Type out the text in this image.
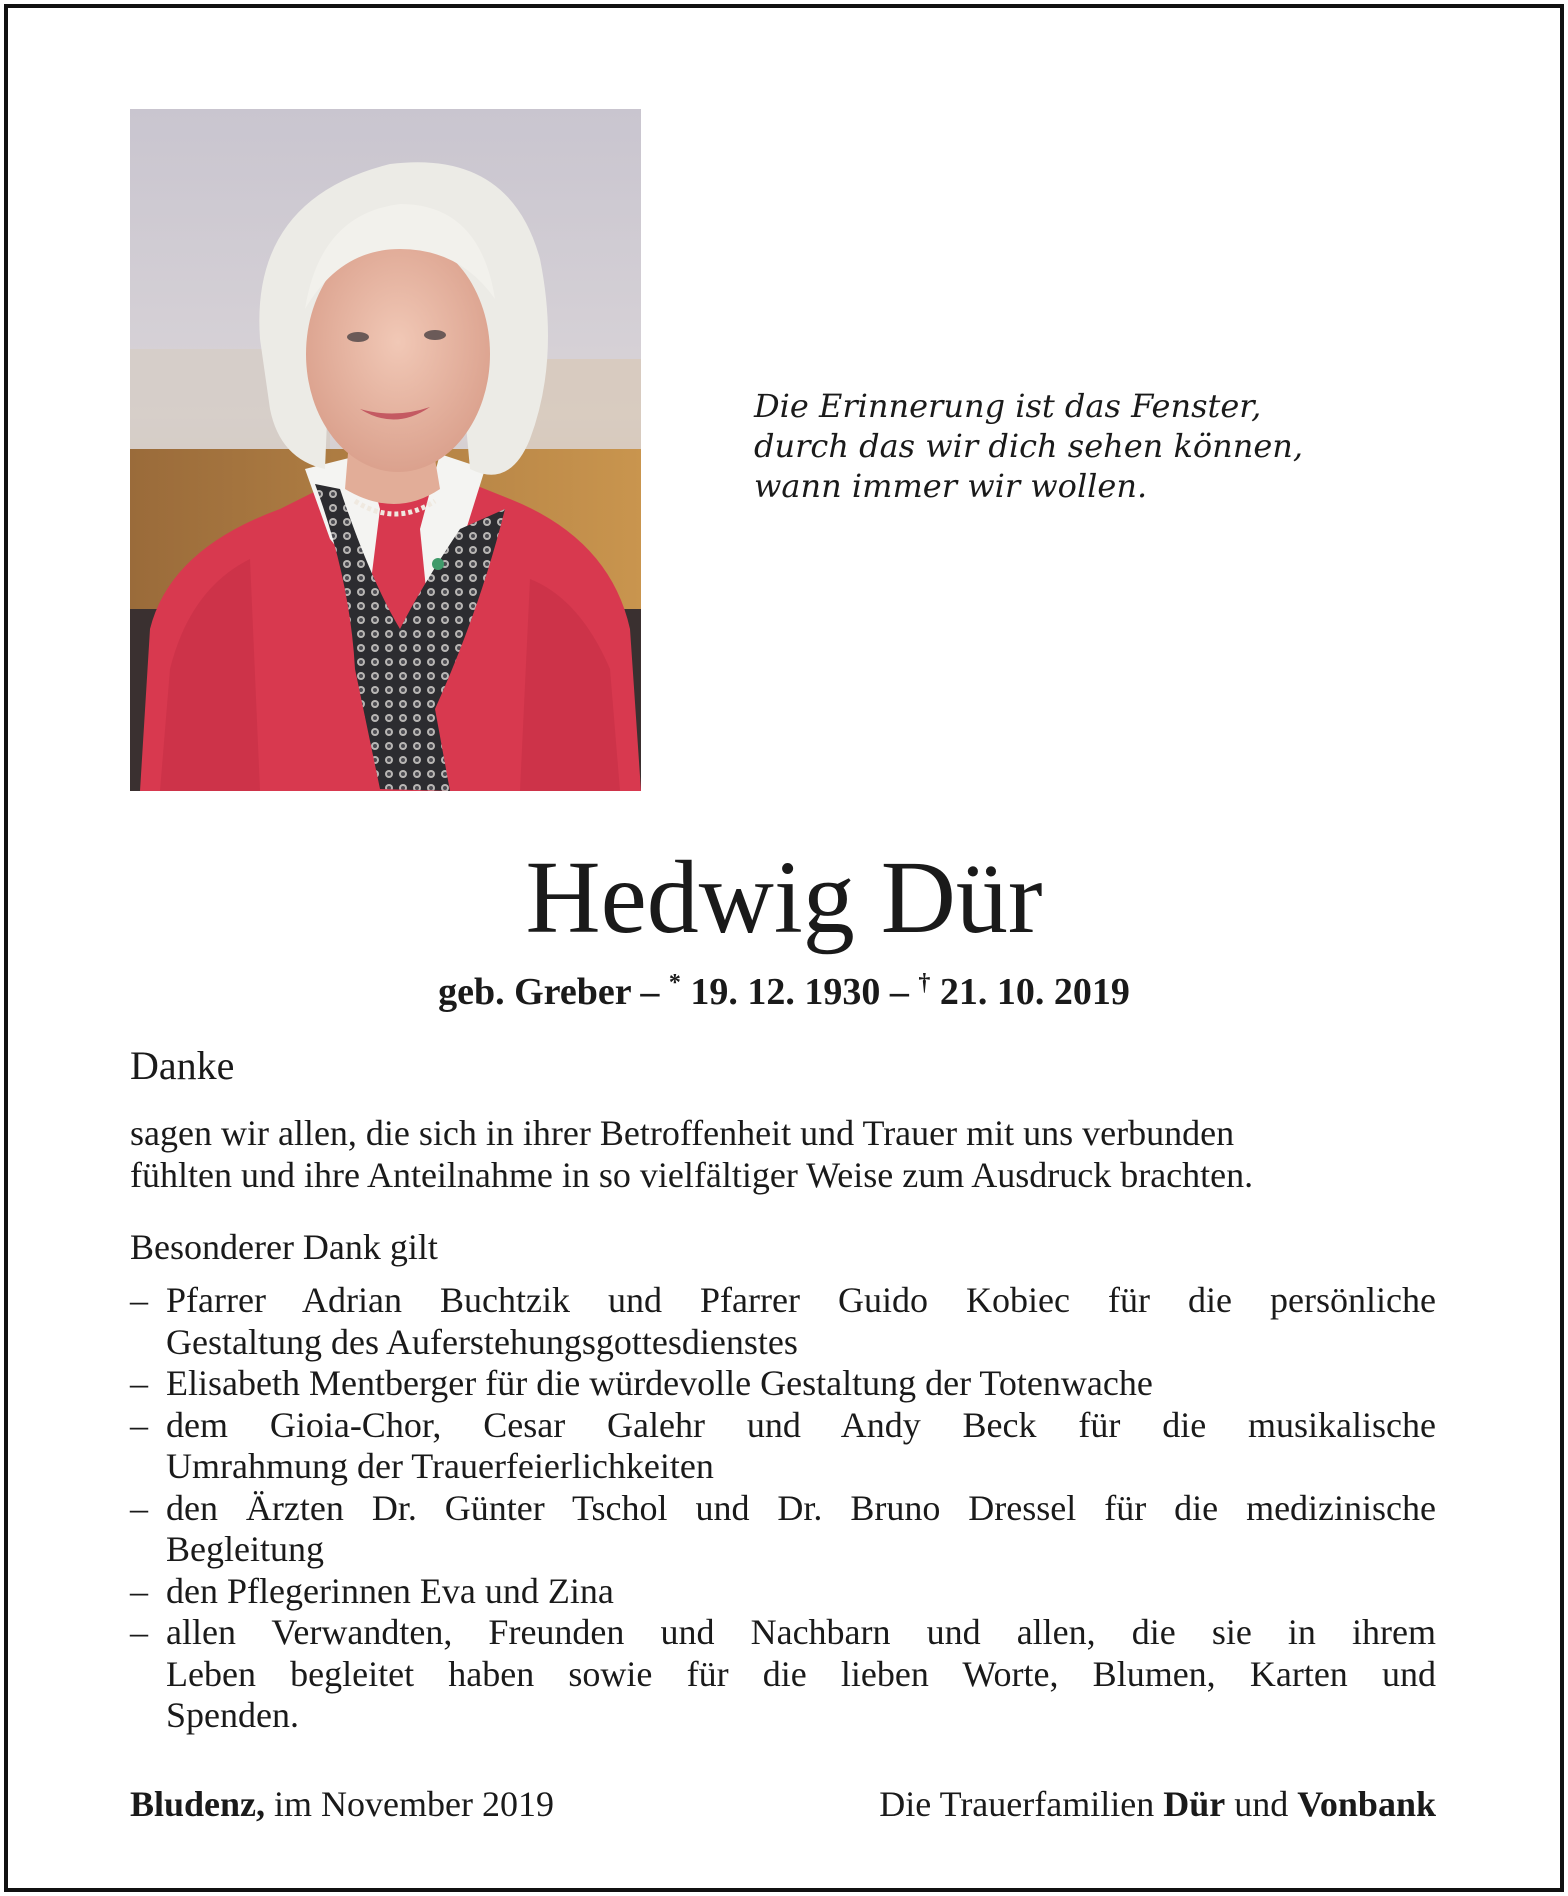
Die Erinnerung ist das Fenster,
durch das wir dich sehen können,
wann immer wir wollen.
Hedwig Dür
geb. Greber – * 19. 12. 1930 – † 21. 10. 2019
Danke
sagen wir allen, die sich in ihrer Betroffenheit und Trauer mit uns verbunden
fühlten und ihre Anteilnahme in so vielfältiger Weise zum Ausdruck brachten.
Besonderer Dank gilt
– Pfarrer Adrian Buchtzik und Pfarrer Guido Kobiec für die persönliche
Gestaltung des Auferstehungsgottesdienstes
– Elisabeth Mentberger für die würdevolle Gestaltung der Totenwache
– dem Gioia-Chor, Cesar Galehr und Andy Beck für die musikalische
Umrahmung der Trauerfeierlichkeiten
– den Ärzten Dr. Günter Tschol und Dr. Bruno Dressel für die medizinische
Begleitung
– den Pflegerinnen Eva und Zina
– allen Verwandten, Freunden und Nachbarn und allen, die sie in ihrem
Leben begleitet haben sowie für die lieben Worte, Blumen, Karten und
Spenden.
Bludenz, im November 2019	Die Trauerfamilien Dür und Vonbank
